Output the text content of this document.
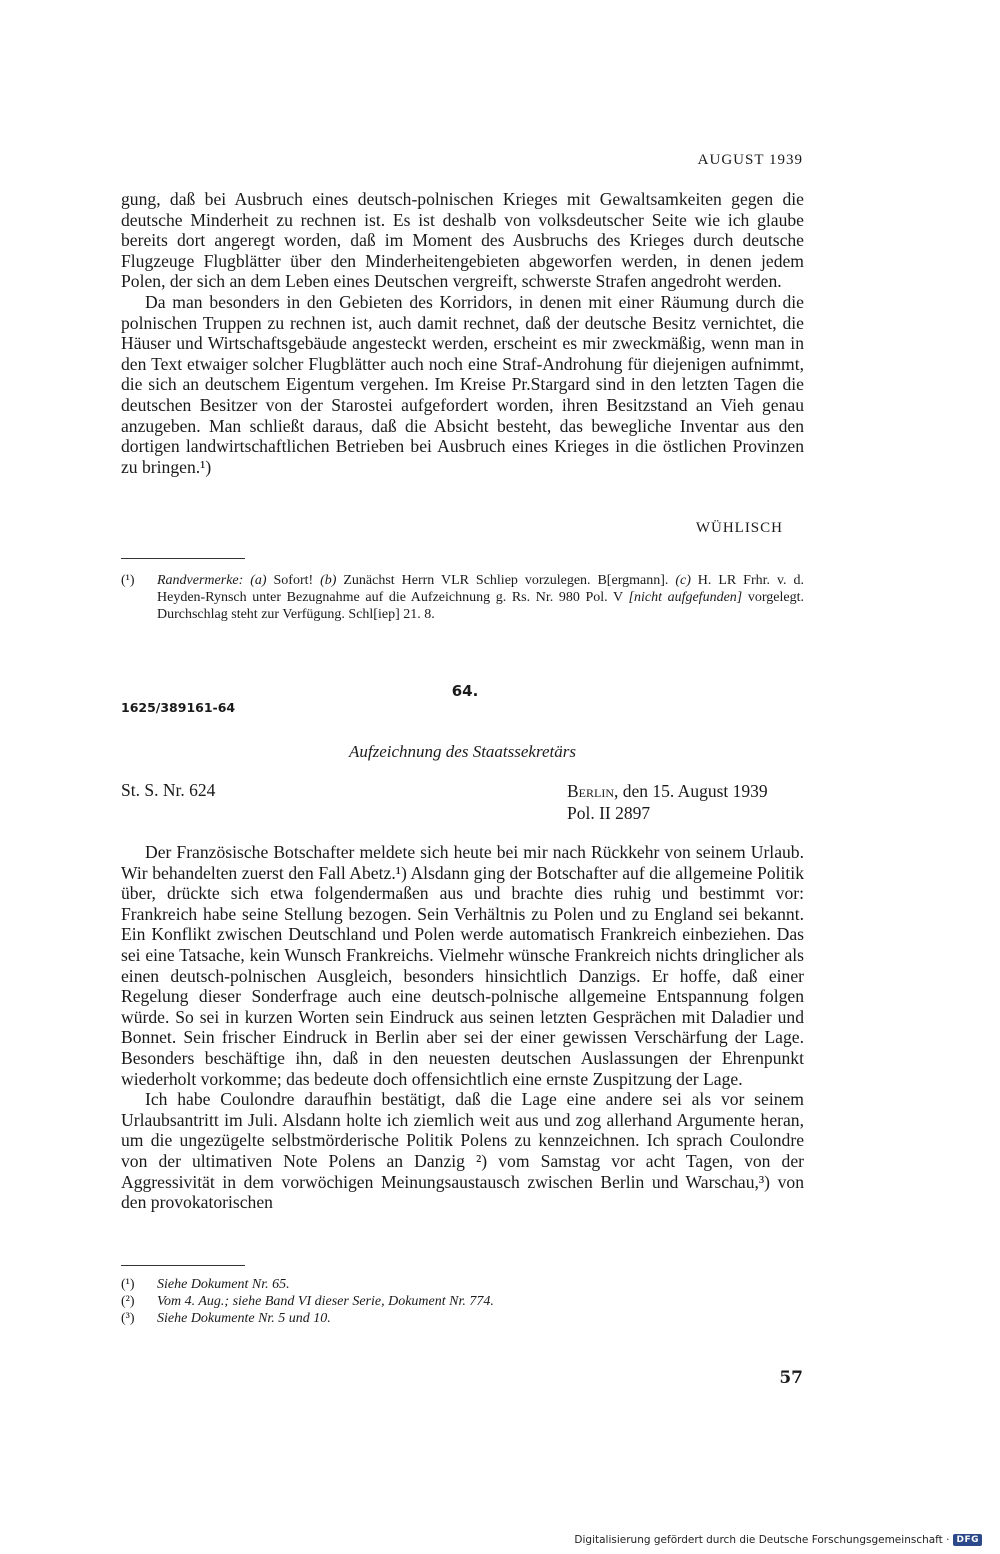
AUGUST 1939

gung, daß bei Ausbruch eines deutsch-polnischen Krieges mit Gewaltsamkeiten gegen die deutsche Minderheit zu rechnen ist. Es ist deshalb von volksdeutscher Seite wie ich glaube bereits dort angeregt worden, daß im Moment des Ausbruchs des Krieges durch deutsche Flugzeuge Flugblätter über den Minderheitengebieten abgeworfen werden, in denen jedem Polen, der sich an dem Leben eines Deutschen vergreift, schwerste Strafen angedroht werden.

Da man besonders in den Gebieten des Korridors, in denen mit einer Räumung durch die polnischen Truppen zu rechnen ist, auch damit rechnet, daß der deutsche Besitz vernichtet, die Häuser und Wirtschaftsgebäude angesteckt werden, erscheint es mir zweckmäßig, wenn man in den Text etwaiger solcher Flugblätter auch noch eine Straf-Androhung für diejenigen aufnimmt, die sich an deutschem Eigentum vergehen. Im Kreise Pr.Stargard sind in den letzten Tagen die deutschen Besitzer von der Starostei aufgefordert worden, ihren Besitzstand an Vieh genau anzugeben. Man schließt daraus, daß die Absicht besteht, das bewegliche Inventar aus den dortigen landwirtschaftlichen Betrieben bei Ausbruch eines Krieges in die östlichen Provinzen zu bringen.¹)

WÜHLISCH
(¹)	Randvermerke: (a) Sofort! (b) Zunächst Herrn VLR Schliep vorzulegen. B[ergmann]. (c) H. LR Frhr. v. d. Heyden-Rynsch unter Bezugnahme auf die Aufzeichnung g. Rs. Nr. 980 Pol. V [nicht aufgefunden] vorgelegt. Durchschlag steht zur Verfügung. Schl[iep] 21. 8.
64.
1625/389161-64
Aufzeichnung des Staatssekretärs
St. S. Nr. 624	Berlin, den 15. August 1939
Pol. II 2897

Der Französische Botschafter meldete sich heute bei mir nach Rückkehr von seinem Urlaub. Wir behandelten zuerst den Fall Abetz.¹) Alsdann ging der Botschafter auf die allgemeine Politik über, drückte sich etwa folgendermaßen aus und brachte dies ruhig und bestimmt vor: Frankreich habe seine Stellung bezogen. Sein Verhältnis zu Polen und zu England sei bekannt. Ein Konflikt zwischen Deutschland und Polen werde automatisch Frankreich einbeziehen. Das sei eine Tatsache, kein Wunsch Frankreichs. Vielmehr wünsche Frankreich nichts dringlicher als einen deutsch-polnischen Ausgleich, besonders hinsichtlich Danzigs. Er hoffe, daß einer Regelung dieser Sonderfrage auch eine deutsch-polnische allgemeine Entspannung folgen würde. So sei in kurzen Worten sein Eindruck aus seinen letzten Gesprächen mit Daladier und Bonnet. Sein frischer Eindruck in Berlin aber sei der einer gewissen Verschärfung der Lage. Besonders beschäftige ihn, daß in den neuesten deutschen Auslassungen der Ehrenpunkt wiederholt vorkomme; das bedeute doch offensichtlich eine ernste Zuspitzung der Lage.

Ich habe Coulondre daraufhin bestätigt, daß die Lage eine andere sei als vor seinem Urlaubsantritt im Juli. Alsdann holte ich ziemlich weit aus und zog allerhand Argumente heran, um die ungezügelte selbstmörderische Politik Polens zu kennzeichnen. Ich sprach Coulondre von der ultimativen Note Polens an Danzig ²) vom Samstag vor acht Tagen, von der Aggressivität in dem vorwöchigen Meinungsaustausch zwischen Berlin und Warschau,³) von den provokatorischen

(¹)	Siehe Dokument Nr. 65.
(²)	Vom 4. Aug.; siehe Band VI dieser Serie, Dokument Nr. 774.
(³)	Siehe Dokumente Nr. 5 und 10.
57
Digitalisierung gefördert durch die Deutsche Forschungsgemeinschaft · DFG
